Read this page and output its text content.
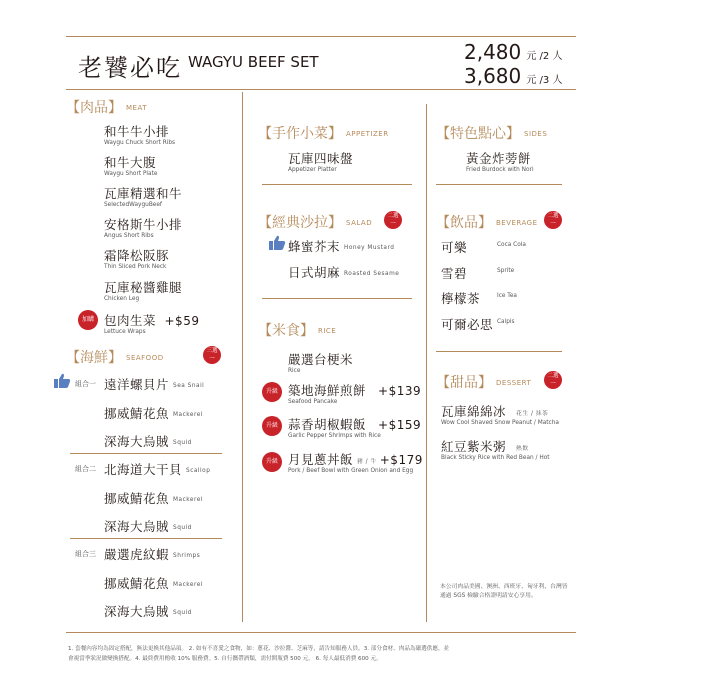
老饕必吃 WAGYU BEEF SET	2,480 元 /2 人
3,680 元 /3 人
【肉品】 MEAT
和牛牛小排
Waygu Chuck Short Ribs
和牛大腹
Waygu Short Plate
瓦庫精選和牛
SelectedWayguBeef
安格斯牛小排
Angus Short Ribs
霜降松阪豚
Thin Sliced Pork Neck
瓦庫秘醬雞腿
Chicken Leg
加購 包肉生菜 +$59
Lettuce Wraps
【海鮮】 SEAFOOD
三選
一
組合一 遠洋螺貝片 Sea Snail
挪威鯖花魚 Mackerel
深海大烏賊 Squid
組合二 北海道大干貝 Scallop
挪威鯖花魚 Mackerel
深海大烏賊 Squid
組合三 嚴選虎紋蝦 Shrimps
挪威鯖花魚 Mackerel
深海大烏賊 Squid
【手作小菜】 APPETIZER
瓦庫四味盤
Appetizer Platter
【經典沙拉】 SALAD
二選
一
蜂蜜芥末 Honey Mustard
日式胡麻 Roasted Sesame
【米食】 RICE
嚴選台梗米
Rice
升級 築地海鮮煎餅 +$139
Seafood Pancake
升級 蒜香胡椒蝦飯 +$159
Garlic Pepper Shrimps with Rice
升級 月見蔥丼飯 豬 / 牛 +$179
Pork / Beef Bowl with Green Onion and Egg
【特色點心】 SIDES
黃金炸蒡餅
Fried Burdock with Nori
【飲品】 BEVERAGE
二選
一
可樂	Coca Cola
雪碧	Sprite
檸檬茶	Ice Tea
可爾必思 Calpis
【甜品】 DESSERT
二選
一
瓦庫綿綿冰 花生 / 抹茶
Wow Cool Shaved Snow Peanut / Matcha
紅豆紫米粥 熱飲
Black Sticky Rice with Red Bean / Hot
本公司肉品美國、澳洲、西班牙、匈牙利、台灣皆通過 SGS 檢驗合格證明請安心享用。
1. 套餐內容均為固定搭配，無法更換其他品項。 2. 如有不喜愛之食物，如：蔥花、沙拉醬、芝麻等，請告知服務人員。3. 部分食材、肉品為嚴選供應，並
會視當季狀況做變換搭配。4. 最終費用酌收 10% 服務費。5. 自行攜帶酒類，需付開瓶費 500 元。 6. 每人最低消費 600 元。
